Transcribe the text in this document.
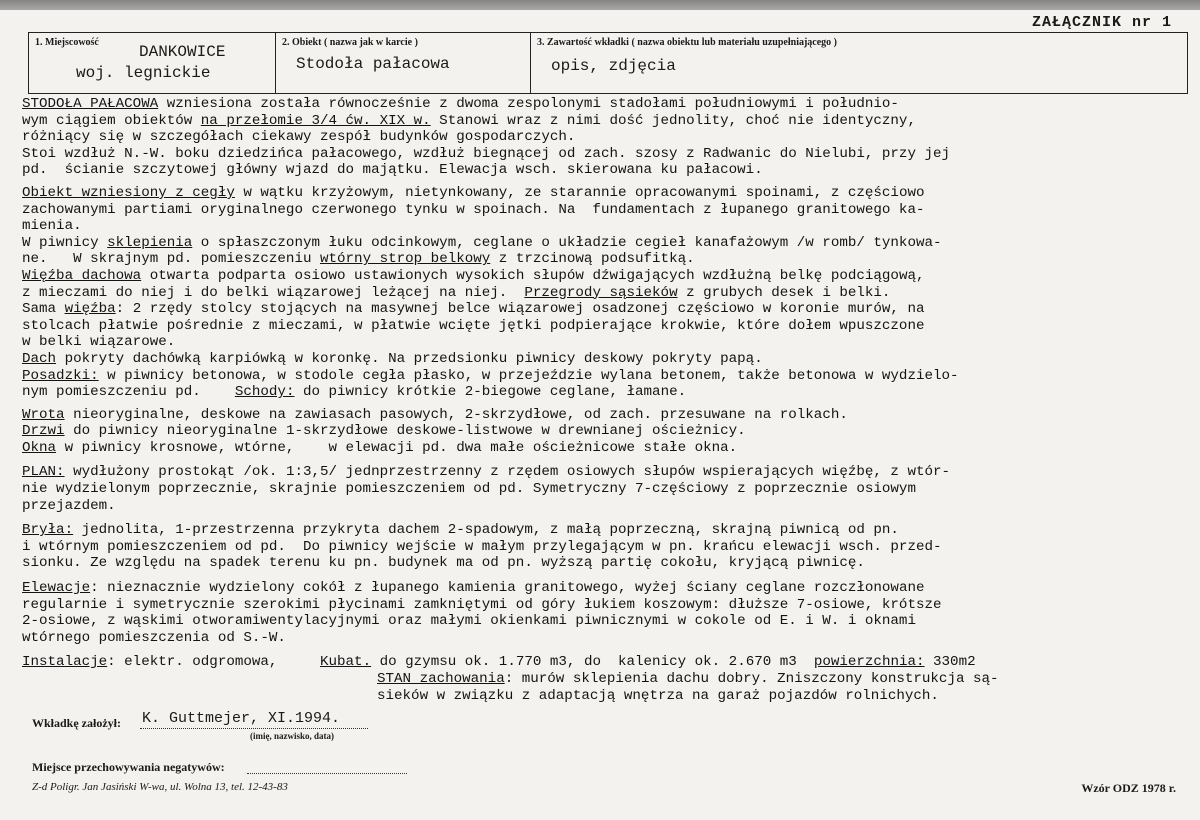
ZAŁĄCZNIK nr 1
1. Miejscowość
DANKOWICE
woj. legnickie
2. Obiekt ( nazwa jak w karcie )
Stodoła pałacowa
3. Zawartość wkładki ( nazwa obiektu lub materiału uzupełniającego )
opis, zdjęcia

STODOŁA PAŁACOWA wzniesiona została równocześnie z dwoma zespolonymi stadołami południowymi i południo-

wym ciągiem obiektów na przełomie 3/4 ćw. XIX w. Stanowi wraz z nimi dość jednolity, choć nie identyczny,

różniący się w szczegółach ciekawy zespół budynków gospodarczych.

Stoi wzdłuż N.-W. boku dziedzińca pałacowego, wzdłuż biegnącej od zach. szosy z Radwanic do Nielubi, przy jej

pd.  ścianie szczytowej główny wjazd do majątku. Elewacja wsch. skierowana ku pałacowi.

Obiekt wzniesiony z cegły w wątku krzyżowym, nietynkowany, ze starannie opracowanymi spoinami, z częściowo

zachowanymi partiami oryginalnego czerwonego tynku w spoinach. Na  fundamentach z łupanego granitowego ka-

mienia.

W piwnicy sklepienia o spłaszczonym łuku odcinkowym, ceglane o układzie cegieł kanafażowym /w romb/ tynkowa-

ne.   W skrajnym pd. pomieszczeniu wtórny strop belkowy z trzcinową podsufitką.

Więźba dachowa otwarta podparta osiowo ustawionych wysokich słupów dźwigających wzdłużną belkę podciągową,

z mieczami do niej i do belki wiązarowej leżącej na niej.  Przegrody sąsieków z grubych desek i belki.

Sama więźba: 2 rzędy stolcy stojących na masywnej belce wiązarowej osadzonej częściowo w koronie murów, na

stolcach płatwie pośrednie z mieczami, w płatwie wcięte jętki podpierające krokwie, które dołem wpuszczone

w belki wiązarowe.

Dach pokryty dachówką karpiówką w koronkę. Na przedsionku piwnicy deskowy pokryty papą.

Posadzki: w piwnicy betonowa, w stodole cegła płasko, w przejeździe wylana betonem, także betonowa w wydzielo-

nym pomieszczeniu pd.    Schody: do piwnicy krótkie 2-biegowe ceglane, łamane.

Wrota nieoryginalne, deskowe na zawiasach pasowych, 2-skrzydłowe, od zach. przesuwane na rolkach.

Drzwi do piwnicy nieoryginalne 1-skrzydłowe deskowe-listwowe w drewnianej ościeżnicy.

Okna w piwnicy krosnowe, wtórne,    w elewacji pd. dwa małe ościeżnicowe stałe okna.

PLAN: wydłużony prostokąt /ok. 1:3,5/ jednprzestrzenny z rzędem osiowych słupów wspierających więźbę, z wtór-

nie wydzielonym poprzecznie, skrajnie pomieszczeniem od pd. Symetryczny 7-częściowy z poprzecznie osiowym

przejazdem.

Bryła: jednolita, 1-przestrzenna przykryta dachem 2-spadowym, z małą poprzeczną, skrajną piwnicą od pn.

i wtórnym pomieszczeniem od pd.  Do piwnicy wejście w małym przylegającym w pn. krańcu elewacji wsch. przed-

sionku. Ze względu na spadek terenu ku pn. budynek ma od pn. wyższą partię cokołu, kryjącą piwnicę.

Elewacje: nieznacznie wydzielony cokół z łupanego kamienia granitowego, wyżej ściany ceglane rozczłonowane

regularnie i symetrycznie szerokimi płycinami zamkniętymi od góry łukiem koszowym: dłuższe 7-osiowe, krótsze

2-osiowe, z wąskimi otworamiwentylacyjnymi oraz małymi okienkami piwnicznymi w cokole od E. i W. i oknami

wtórnego pomieszczenia od S.-W.

Instalacje: elektr. odgromowa,     Kubat. do gzymsu ok. 1.770 m3, do  kalenicy ok. 2.670 m3  powierzchnia: 330m2

STAN zachowania: murów sklepienia dachu dobry. Zniszczony konstrukcja są-

sieków w związku z adaptacją wnętrza na garaż pojazdów rolnichych.

Wkładkę założył: K. Guttmejer, XI.1994.
(imię, nazwisko, data)
Miejsce przechowywania negatywów:
Z-d Poligr. Jan Jasiński W-wa, ul. Wolna 13, tel. 12-43-83	Wzór ODZ 1978 r.
